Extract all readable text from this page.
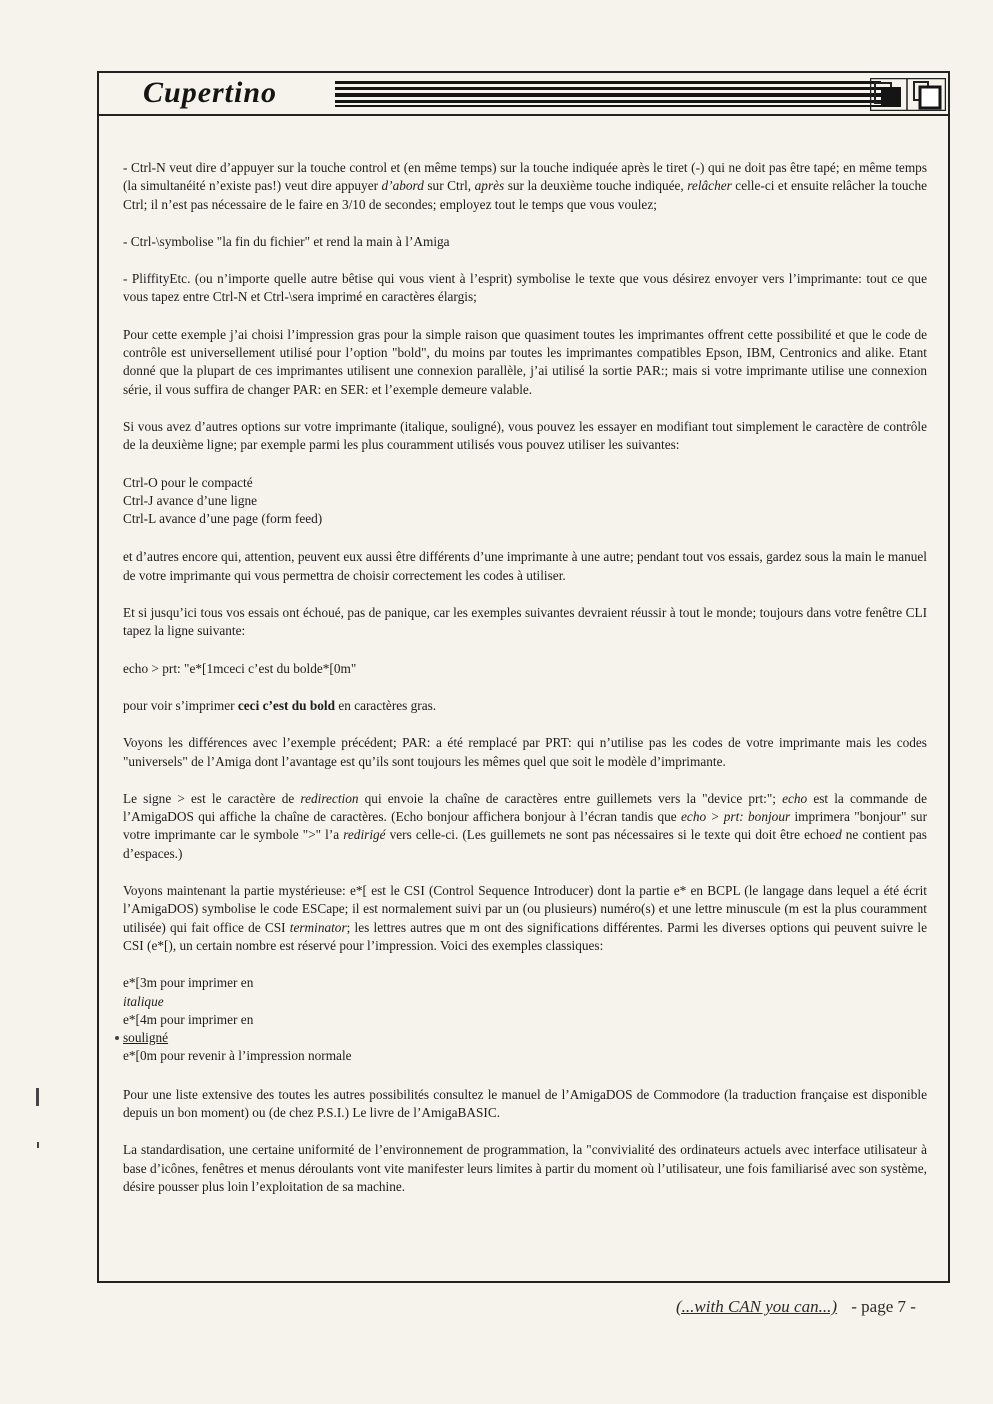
Cupertino

- Ctrl-N veut dire d’appuyer sur la touche control et (en même temps) sur la touche indiquée après le tiret (-) qui ne doit pas être tapé; en même temps (la simultanéité n’existe pas!) veut dire appuyer d’abord sur Ctrl, après sur la deuxième touche indiquée, relâcher celle-ci et ensuite relâcher la touche Ctrl; il n’est pas nécessaire de le faire en 3/10 de secondes; employez tout le temps que vous voulez;

- Ctrl-\symbolise "la fin du fichier" et rend la main à l’Amiga

- PliffityEtc. (ou n’importe quelle autre bêtise qui vous vient à l’esprit) symbolise le texte que vous désirez envoyer vers l’imprimante: tout ce que vous tapez entre Ctrl-N et Ctrl-\sera imprimé en caractères élargis;

Pour cette exemple j’ai choisi l’impression gras pour la simple raison que quasiment toutes les imprimantes offrent cette possibilité et que le code de contrôle est universellement utilisé pour l’option "bold", du moins par toutes les imprimantes compatibles Epson, IBM, Centronics and alike. Etant donné que la plupart de ces imprimantes utilisent une connexion parallèle, j’ai utilisé la sortie PAR:; mais si votre imprimante utilise une connexion série, il vous suffira de changer PAR: en SER: et l’exemple demeure valable.

Si vous avez d’autres options sur votre imprimante (italique, souligné), vous pouvez les essayer en modifiant tout simplement le caractère de contrôle de la deuxième ligne; par exemple parmi les plus couramment utilisés vous pouvez utiliser les suivantes:

Ctrl-O pour le compacté
Ctrl-J avance d’une ligne
Ctrl-L avance d’une page (form feed)

et d’autres encore qui, attention, peuvent eux aussi être différents d’une imprimante à une autre; pendant tout vos essais, gardez sous la main le manuel de votre imprimante qui vous permettra de choisir correctement les codes à utiliser.

Et si jusqu’ici tous vos essais ont échoué, pas de panique, car les exemples suivantes devraient réussir à tout le monde; toujours dans votre fenêtre CLI tapez la ligne suivante:

echo > prt: "e*[1mceci c’est du bolde*[0m"

pour voir s’imprimer ceci c’est du bold en caractères gras.

Voyons les différences avec l’exemple précédent; PAR: a été remplacé par PRT: qui n’utilise pas les codes de votre imprimante mais les codes "universels" de l’Amiga dont l’avantage est qu’ils sont toujours les mêmes quel que soit le modèle d’imprimante.

Le signe > est le caractère de redirection qui envoie la chaîne de caractères entre guillemets vers la "device prt:"; echo est la commande de l’AmigaDOS qui affiche la chaîne de caractères. (Echo bonjour affichera bonjour à l’écran tandis que echo > prt: bonjour imprimera "bonjour" sur votre imprimante car le symbole ">" l’a redirigé vers celle-ci. (Les guillemets ne sont pas nécessaires si le texte qui doit être echoed ne contient pas d’espaces.)

Voyons maintenant la partie mystérieuse: e*[ est le CSI (Control Sequence Introducer) dont la partie e* en BCPL (le langage dans lequel a été écrit l’AmigaDOS) symbolise le code ESCape; il est normalement suivi par un (ou plusieurs) numéro(s) et une lettre minuscule (m est la plus couramment utilisée) qui fait office de CSI terminator; les lettres autres que m ont des significations différentes. Parmi les diverses options qui peuvent suivre le CSI (e*[), un certain nombre est réservé pour l’impression. Voici des exemples classiques:

e*[3m pour imprimer en
italique
e*[4m pour imprimer en
souligné
e*[0m pour revenir à l’impression normale

Pour une liste extensive des toutes les autres possibilités consultez le manuel de l’AmigaDOS de Commodore (la traduction française est disponible depuis un bon moment) ou (de chez P.S.I.) Le livre de l’AmigaBASIC.

La standardisation, une certaine uniformité de l’environnement de programmation, la "convivialité des ordinateurs actuels avec interface utilisateur à base d’icônes, fenêtres et menus déroulants vont vite manifester leurs limites à partir du moment où l’utilisateur, une fois familiarisé avec son système, désire pousser plus loin l’exploitation de sa machine.

(...with CAN you can...) - page 7 -
